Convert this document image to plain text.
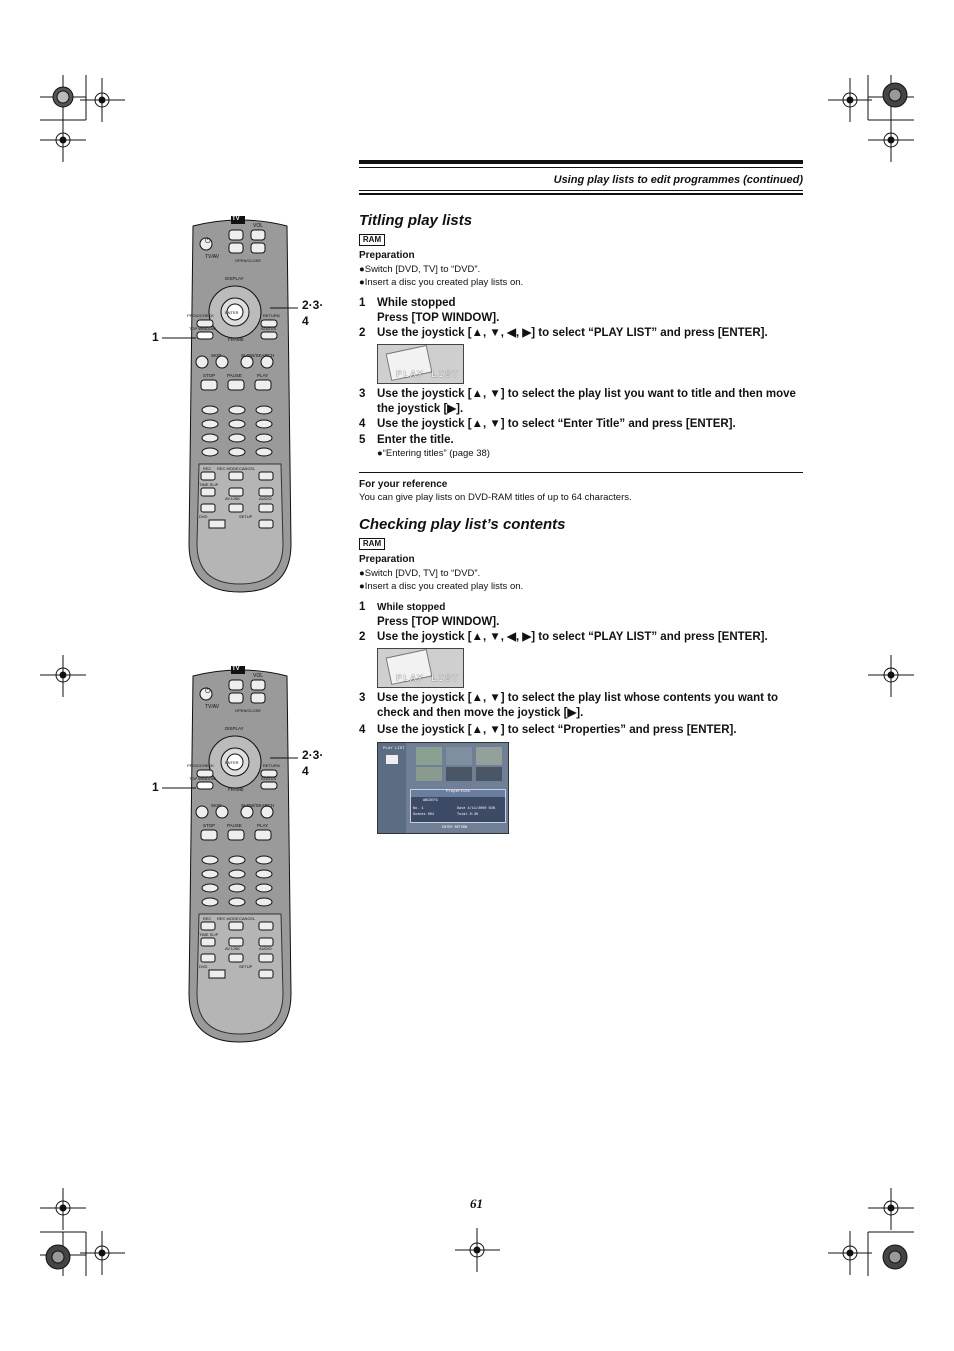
Using play lists to edit programmes (continued)
TV
⏻
VOL
TV/AV
OPEN/CLOSE
DISPLAY
ENTER
PROG/CHECK	RETURN
TOP WINDOW	STATUS
FRAME
SKIP	SLOW/SEARCH
STOP	PAUSE	PLAY
REC REC MODE CANCEL
TIME SLIP
AV LINK	AUDIO
DVD	SETUP
2·3·
4
1
TV
⏻
VOL
TV/AV
OPEN/CLOSE
DISPLAY
ENTER
PROG/CHECK	RETURN
TOP WINDOW	STATUS
FRAME
SKIP	SLOW/SEARCH
STOP	PAUSE	PLAY
REC REC MODE CANCEL
TIME SLIP
AV LINK	AUDIO
DVD	SETUP
2·3·
4
1
Titling play lists
RAM
Preparation
●Switch [DVD, TV] to “DVD”.
●Insert a disc you created play lists on.
1 While stopped
Press [TOP WINDOW].
2 Use the joystick [▲, ▼, ◀, ▶] to select “PLAY LIST” and press [ENTER].
PLAY LIST
3 Use the joystick [▲, ▼] to select the play list you want to title and then move the joystick [▶].
4 Use the joystick [▲, ▼] to select “Enter Title” and press [ENTER].
5 Enter the title.
●“Entering titles” (page 38)
For your reference
You can give play lists on DVD-RAM titles of up to 64 characters.
Checking play list’s contents
RAM
Preparation
●Switch [DVD, TV] to “DVD”.
●Insert a disc you created play lists on.
1 While stopped
Press [TOP WINDOW].
2 Use the joystick [▲, ▼, ◀, ▶] to select “PLAY LIST” and press [ENTER].
PLAY LIST
3 Use the joystick [▲, ▼] to select the play list whose contents you want to check and then move the joystick [▶].
4 Use the joystick [▲, ▼] to select “Properties” and press [ENTER].
PLAY LIST
Properties
ABCDEFG
No. 1
Scenes 004
Date 4/11/2000 SUN
Total 0:30
ENTER RETURN
61
